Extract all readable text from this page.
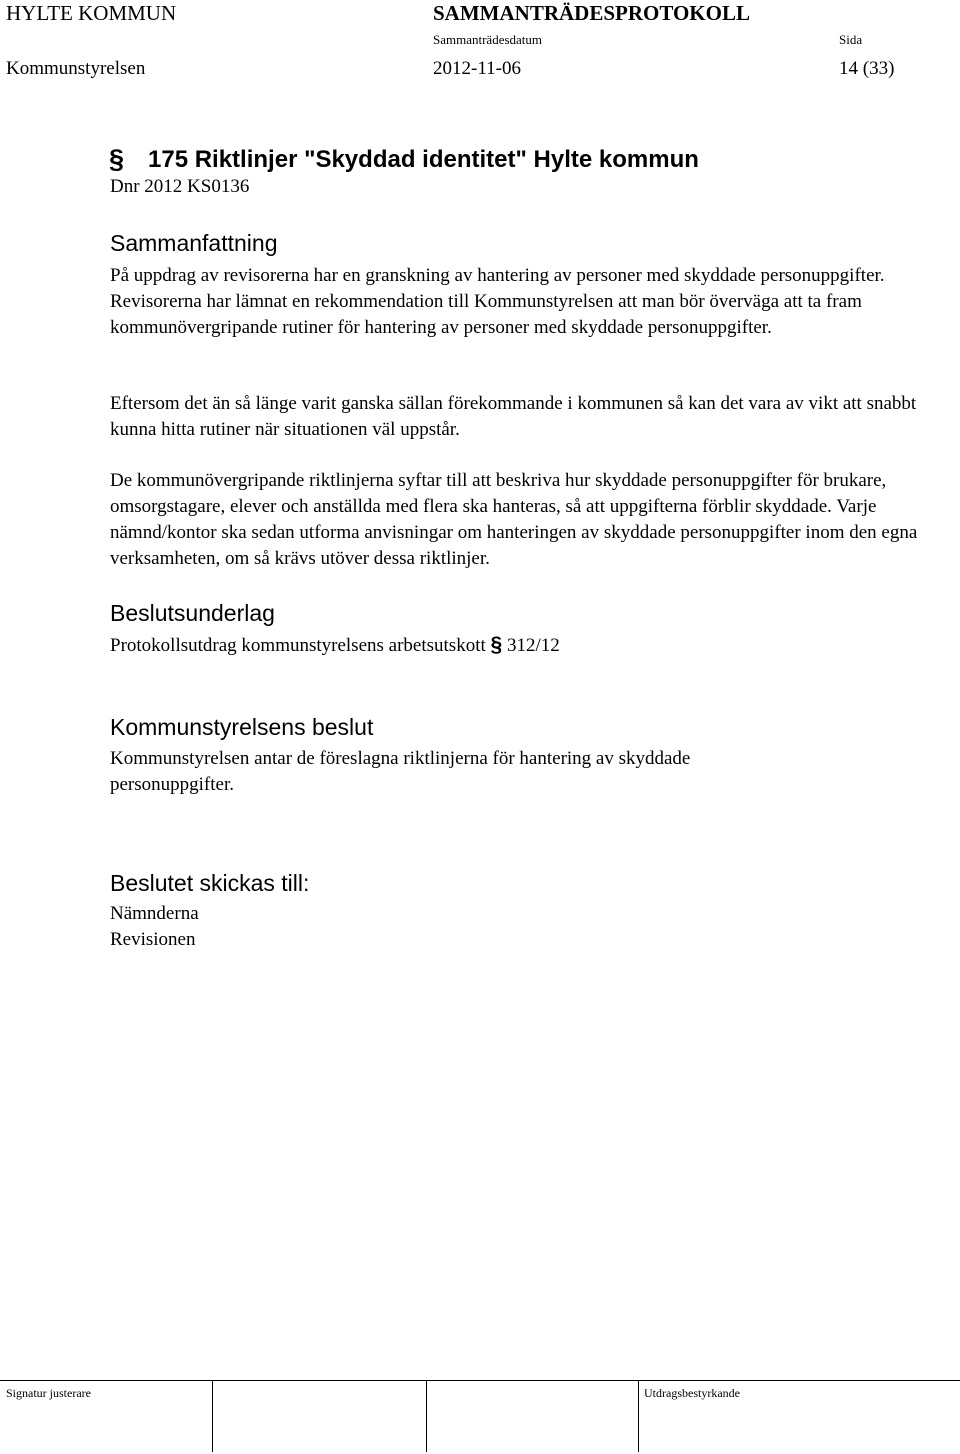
HYLTE KOMMUN	SAMMANTRÄDESPROTOKOLL
Sammanträdesdatum	Sida
Kommunstyrelsen	2012-11-06	14 (33)
§ 175 Riktlinjer "Skyddad identitet" Hylte kommun
Dnr 2012 KS0136
Sammanfattning
På uppdrag av revisorerna har en granskning av hantering av personer med skyddade personuppgifter. Revisorerna har lämnat en rekommendation till Kommunstyrelsen att man bör överväga att ta fram kommunövergripande rutiner för hantering av personer med skyddade personuppgifter.
Eftersom det än så länge varit ganska sällan förekommande i kommunen så kan det vara av vikt att snabbt kunna hitta rutiner när situationen väl uppstår.
De kommunövergripande riktlinjerna syftar till att beskriva hur skyddade personuppgifter för brukare, omsorgstagare, elever och anställda med flera ska hanteras, så att uppgifterna förblir skyddade. Varje nämnd/kontor ska sedan utforma anvisningar om hanteringen av skyddade personuppgifter inom den egna verksamheten, om så krävs utöver dessa riktlinjer.
Beslutsunderlag
Protokollsutdrag kommunstyrelsens arbetsutskott § 312/12
Kommunstyrelsens beslut
Kommunstyrelsen antar de föreslagna riktlinjerna för hantering av skyddade personuppgifter.
Beslutet skickas till:
Nämnderna
Revisionen
Signatur justerare	Utdragsbestyrkande
